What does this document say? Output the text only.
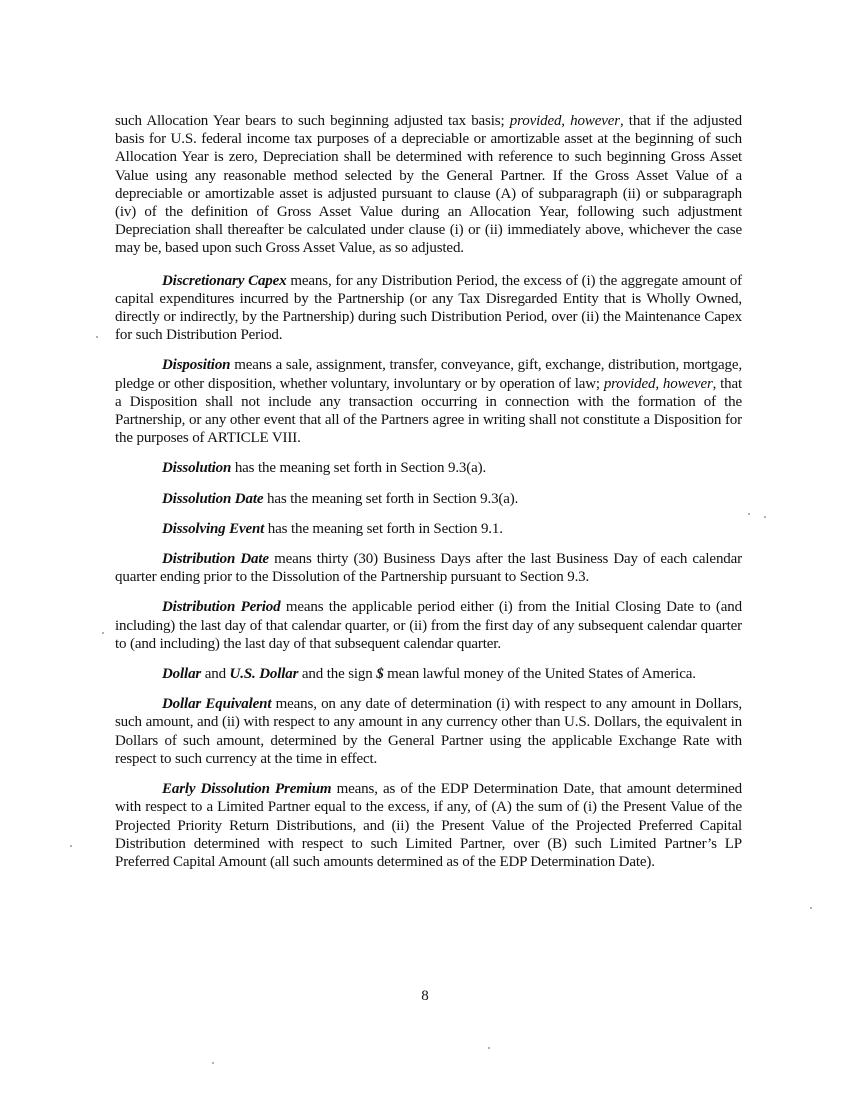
such Allocation Year bears to such beginning adjusted tax basis; provided, however, that if the adjusted basis for U.S. federal income tax purposes of a depreciable or amortizable asset at the beginning of such Allocation Year is zero, Depreciation shall be determined with reference to such beginning Gross Asset Value using any reasonable method selected by the General Partner. If the Gross Asset Value of a depreciable or amortizable asset is adjusted pursuant to clause (A) of subparagraph (ii) or subparagraph (iv) of the definition of Gross Asset Value during an Allocation Year, following such adjustment Depreciation shall thereafter be calculated under clause (i) or (ii) immediately above, whichever the case may be, based upon such Gross Asset Value, as so adjusted.

Discretionary Capex means, for any Distribution Period, the excess of (i) the aggregate amount of capital expenditures incurred by the Partnership (or any Tax Disregarded Entity that is Wholly Owned, directly or indirectly, by the Partnership) during such Distribution Period, over (ii) the Maintenance Capex for such Distribution Period.

Disposition means a sale, assignment, transfer, conveyance, gift, exchange, distribution, mortgage, pledge or other disposition, whether voluntary, involuntary or by operation of law; provided, however, that a Disposition shall not include any transaction occurring in connection with the formation of the Partnership, or any other event that all of the Partners agree in writing shall not constitute a Disposition for the purposes of ARTICLE VIII.

Dissolution has the meaning set forth in Section 9.3(a).

Dissolution Date has the meaning set forth in Section 9.3(a).

Dissolving Event has the meaning set forth in Section 9.1.

Distribution Date means thirty (30) Business Days after the last Business Day of each calendar quarter ending prior to the Dissolution of the Partnership pursuant to Section 9.3.

Distribution Period means the applicable period either (i) from the Initial Closing Date to (and including) the last day of that calendar quarter, or (ii) from the first day of any subsequent calendar quarter to (and including) the last day of that subsequent calendar quarter.

Dollar and U.S. Dollar and the sign $ mean lawful money of the United States of America.

Dollar Equivalent means, on any date of determination (i) with respect to any amount in Dollars, such amount, and (ii) with respect to any amount in any currency other than U.S. Dollars, the equivalent in Dollars of such amount, determined by the General Partner using the applicable Exchange Rate with respect to such currency at the time in effect.

Early Dissolution Premium means, as of the EDP Determination Date, that amount determined with respect to a Limited Partner equal to the excess, if any, of (A) the sum of (i) the Present Value of the Projected Priority Return Distributions, and (ii) the Present Value of the Projected Preferred Capital Distribution determined with respect to such Limited Partner, over (B) such Limited Partner’s LP Preferred Capital Amount (all such amounts determined as of the EDP Determination Date).

8
